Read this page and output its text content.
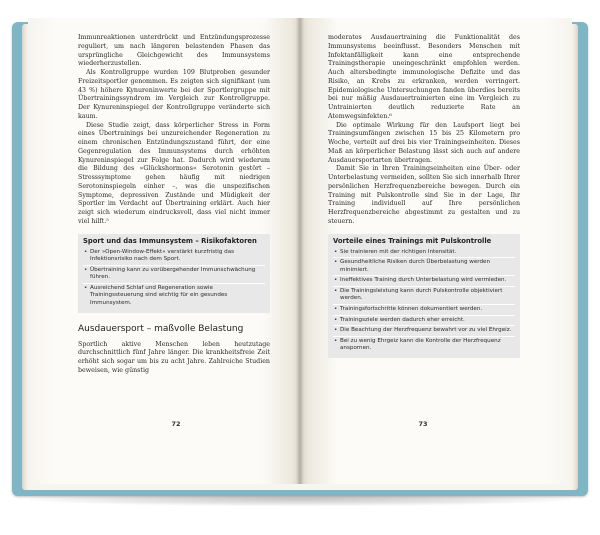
Immunreaktionen unterdrückt und Entzündungsprozesse reguliert, um nach längeren belastenden Phasen das ursprüngliche Gleichgewicht des Immunsystems wiederherzustellen.

Als Kontrollgruppe wurden 109 Blutproben gesunder Freizeitsportler genommen. Es zeigten sich signifikant (um 43 %) höhere Kynureninwerte bei der Sportlergruppe mit Übertrainingssyndrom im Vergleich zur Kontrollgruppe. Der Kynureninspiegel der Kontrollgruppe veränderte sich kaum.

Diese Studie zeigt, dass körperlicher Stress in Form eines Übertrainings bei unzureichender Regeneration zu einem chronischen Entzündungszustand führt, der eine Gegenregulation des Immunsystems durch erhöhten Kynureninspiegel zur Folge hat. Dadurch wird wiederum die Bildung des »Glückshormons« Serotonin gestört – Stresssymptome gehen häufig mit niedrigen Serotoninspiegeln einher –, was die unspezifischen Symptome, depressiven Zustände und Müdigkeit der Sportler im Verdacht auf Übertraining erklärt. Auch hier zeigt sich wiederum eindrucksvoll, dass viel nicht immer viel hilft.⁵

Sport und das Immunsystem – Risikofaktoren
• Der »Open-Window-Effekt« verstärkt kurzfristig das Infektionsrisiko nach dem Sport.
• Übertraining kann zu vorübergehender Immunschwächung führen.
• Ausreichend Schlaf und Regeneration sowie Trainingssteuerung sind wichtig für ein gesundes Immunsystem.
Ausdauersport – maßvolle Belastung

Sportlich aktive Menschen leben heutzutage durchschnittlich fünf Jahre länger. Die krankheitsfreie Zeit erhöht sich sogar um bis zu acht Jahre. Zahlreiche Studien beweisen, wie günstig

72

moderates Ausdauertraining die Funktionalität des Immunsystems beeinflusst. Besonders Menschen mit Infektanfälligkeit kann eine entsprechende Trainingstherapie uneingeschränkt empfohlen werden. Auch altersbedingte immunologische Defizite und das Risiko, an Krebs zu erkranken, werden verringert. Epidemiologische Untersuchungen fanden überdies bereits bei nur mäßig Ausdauertrainierten eine im Vergleich zu Untrainierten deutlich reduzierte Rate an Atemwegsinfekten.⁶

Die optimale Wirkung für den Laufsport liegt bei Trainingsumfängen zwischen 15 bis 25 Kilometern pro Woche, verteilt auf drei bis vier Trainingseinheiten. Dieses Maß an körperlicher Belastung lässt sich auch auf andere Ausdauersportarten übertragen.

Damit Sie in Ihren Trainingseinheiten eine Über- oder Unterbelastung vermeiden, sollten Sie sich innerhalb Ihrer persönlichen Herzfrequenzbereiche bewegen. Durch ein Training mit Pulskontrolle sind Sie in der Lage, Ihr Training individuell auf Ihre persönlichen Herzfrequenzbereiche abgestimmt zu gestalten und zu steuern.

Vorteile eines Trainings mit Pulskontrolle
• Sie trainieren mit der richtigen Intensität.
• Gesundheitliche Risiken durch Überbelastung werden minimiert.
• Ineffektives Training durch Unterbelastung wird vermieden.
• Die Trainingsleistung kann durch Pulskontrolle objektiviert werden.
• Trainingsfortschritte können dokumentiert werden.
• Trainingsziele werden dadurch eher erreicht.
• Die Beachtung der Herzfrequenz bewahrt vor zu viel Ehrgeiz.
• Bei zu wenig Ehrgeiz kann die Kontrolle der Herzfrequenz anspornen.
73
